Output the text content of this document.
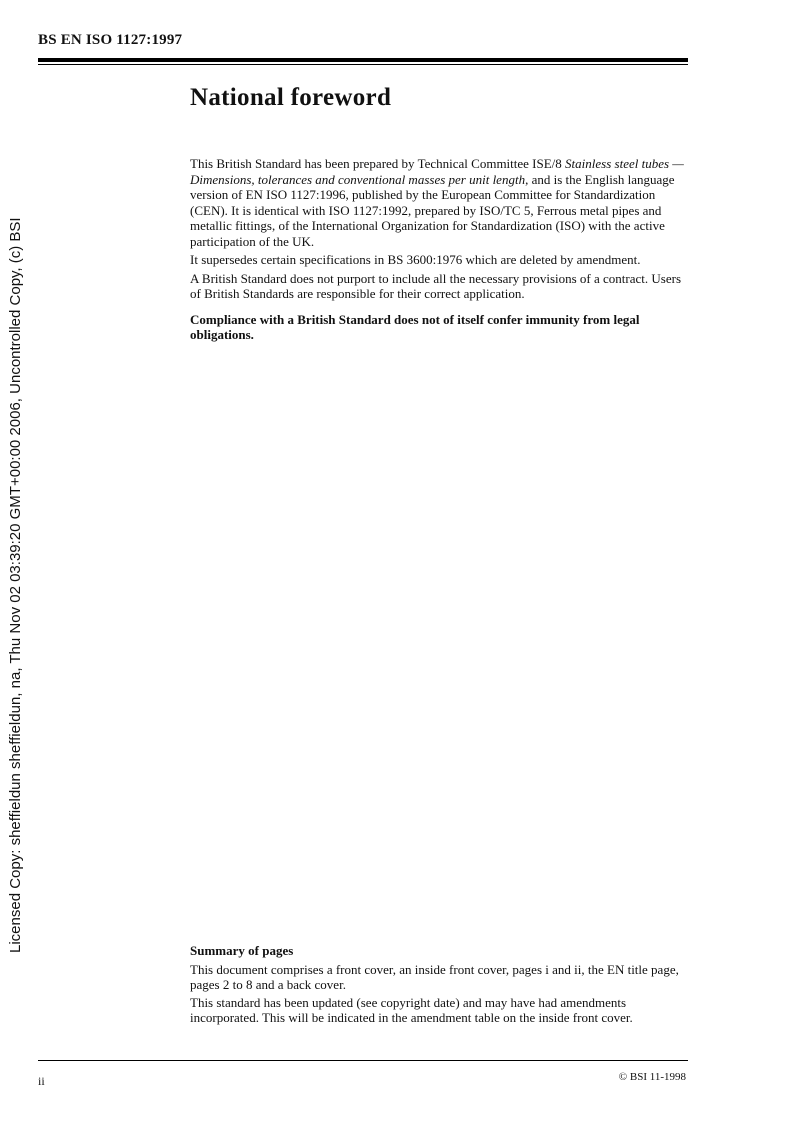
BS EN ISO 1127:1997
Licensed Copy: sheffieldun sheffieldun, na, Thu Nov 02 03:39:20 GMT+00:00 2006, Uncontrolled Copy, (c) BSI
National foreword

This British Standard has been prepared by Technical Committee ISE/8 Stainless steel tubes — Dimensions, tolerances and conventional masses per unit length, and is the English language version of EN ISO 1127:1996, published by the European Committee for Standardization (CEN). It is identical with ISO 1127:1992, prepared by ISO/TC 5, Ferrous metal pipes and metallic fittings, of the International Organization for Standardization (ISO) with the active participation of the UK.

It supersedes certain specifications in BS 3600:1976 which are deleted by amendment.

A British Standard does not purport to include all the necessary provisions of a contract. Users of British Standards are responsible for their correct application.

Compliance with a British Standard does not of itself confer immunity from legal obligations.

Summary of pages

This document comprises a front cover, an inside front cover, pages i and ii, the EN title page, pages 2 to 8 and a back cover.

This standard has been updated (see copyright date) and may have had amendments incorporated. This will be indicated in the amendment table on the inside front cover.

ii	© BSI 11-1998
